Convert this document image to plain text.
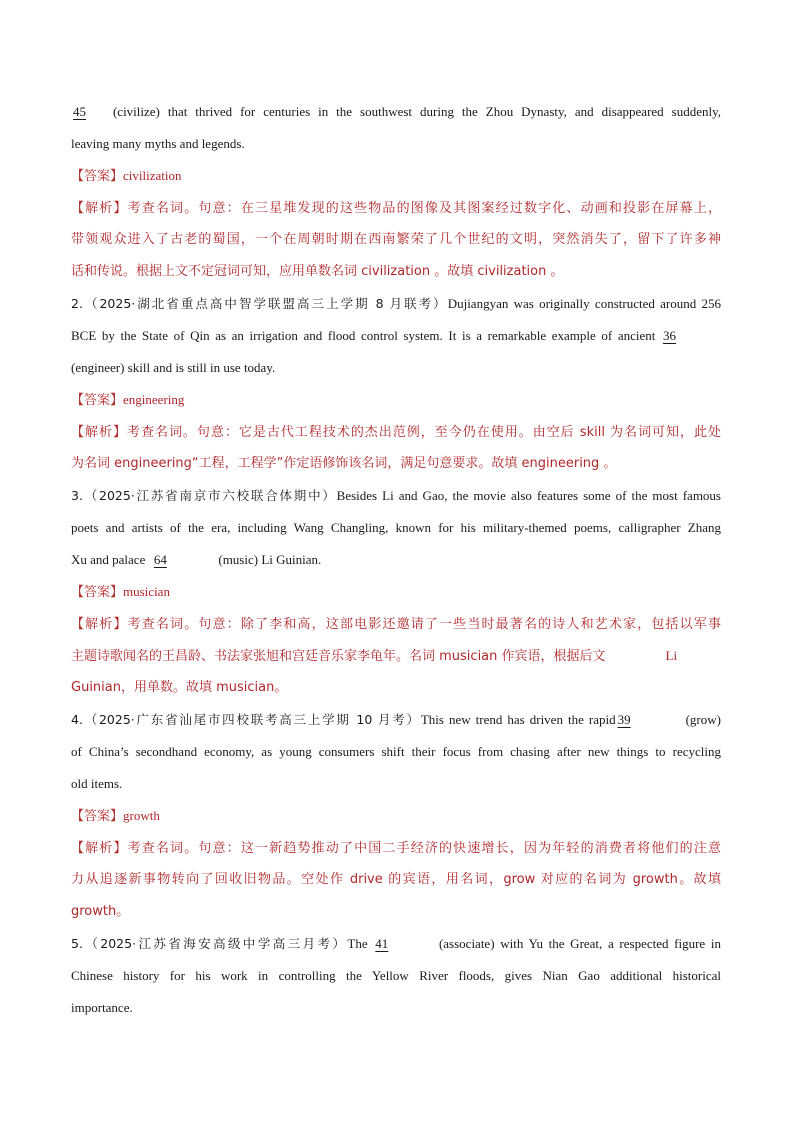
45 (civilize) that thrived for centuries in the southwest during the Zhou Dynasty, and disappeared suddenly,
leaving many myths and legends.
【答案】civilization
【解析】考查名词。句意：在三星堆发现的这些物品的图像及其图案经过数字化、动画和投影在屏幕上，
带领观众进入了古老的蜀国，一个在周朝时期在西南繁荣了几个世纪的文明，突然消失了，留下了许多神
话和传说。根据上文不定冠词可知，应用单数名词 civilization 。故填 civilization 。
2.（2025·湖北省重点高中智学联盟高三上学期 8 月联考）Dujiangyan was originally constructed around 256
BCE by the State of Qin as an irrigation and flood control system. It is a remarkable example of ancient 36
(engineer) skill and is still in use today.
【答案】engineering
【解析】考查名词。句意：它是古代工程技术的杰出范例，至今仍在使用。由空后 skill 为名词可知，此处
为名词 engineering“工程，工程学”作定语修饰该名词，满足句意要求。故填 engineering 。
3.（2025·江苏省南京市六校联合体期中）Besides Li and Gao, the movie also features some of the most famous
poets and artists of the era, including Wang Changling, known for his military-themed poems, calligrapher Zhang
Xu and palace 64	(music) Li Guinian.
【答案】musician
【解析】考查名词。句意：除了李和高，这部电影还邀请了一些当时最著名的诗人和艺术家，包括以军事
主题诗歌闻名的王昌龄、书法家张旭和宫廷音乐家李龟年。名词 musician 作宾语，根据后文	Li
Guinian，用单数。故填 musician。
4.（2025·广东省汕尾市四校联考高三上学期 10 月考）This new trend has driven the rapid 39	(grow)
of China’s secondhand economy, as young consumers shift their focus from chasing after new things to recycling
old items.
【答案】growth
【解析】考查名词。句意：这一新趋势推动了中国二手经济的快速增长，因为年轻的消费者将他们的注意
力从追逐新事物转向了回收旧物品。空处作 drive 的宾语，用名词，grow 对应的名词为 growth。故填
growth。
5.（2025·江苏省海安高级中学高三月考）The 41	(associate) with Yu the Great, a respected figure in
Chinese history for his work in controlling the Yellow River floods, gives Nian Gao additional historical
importance.
